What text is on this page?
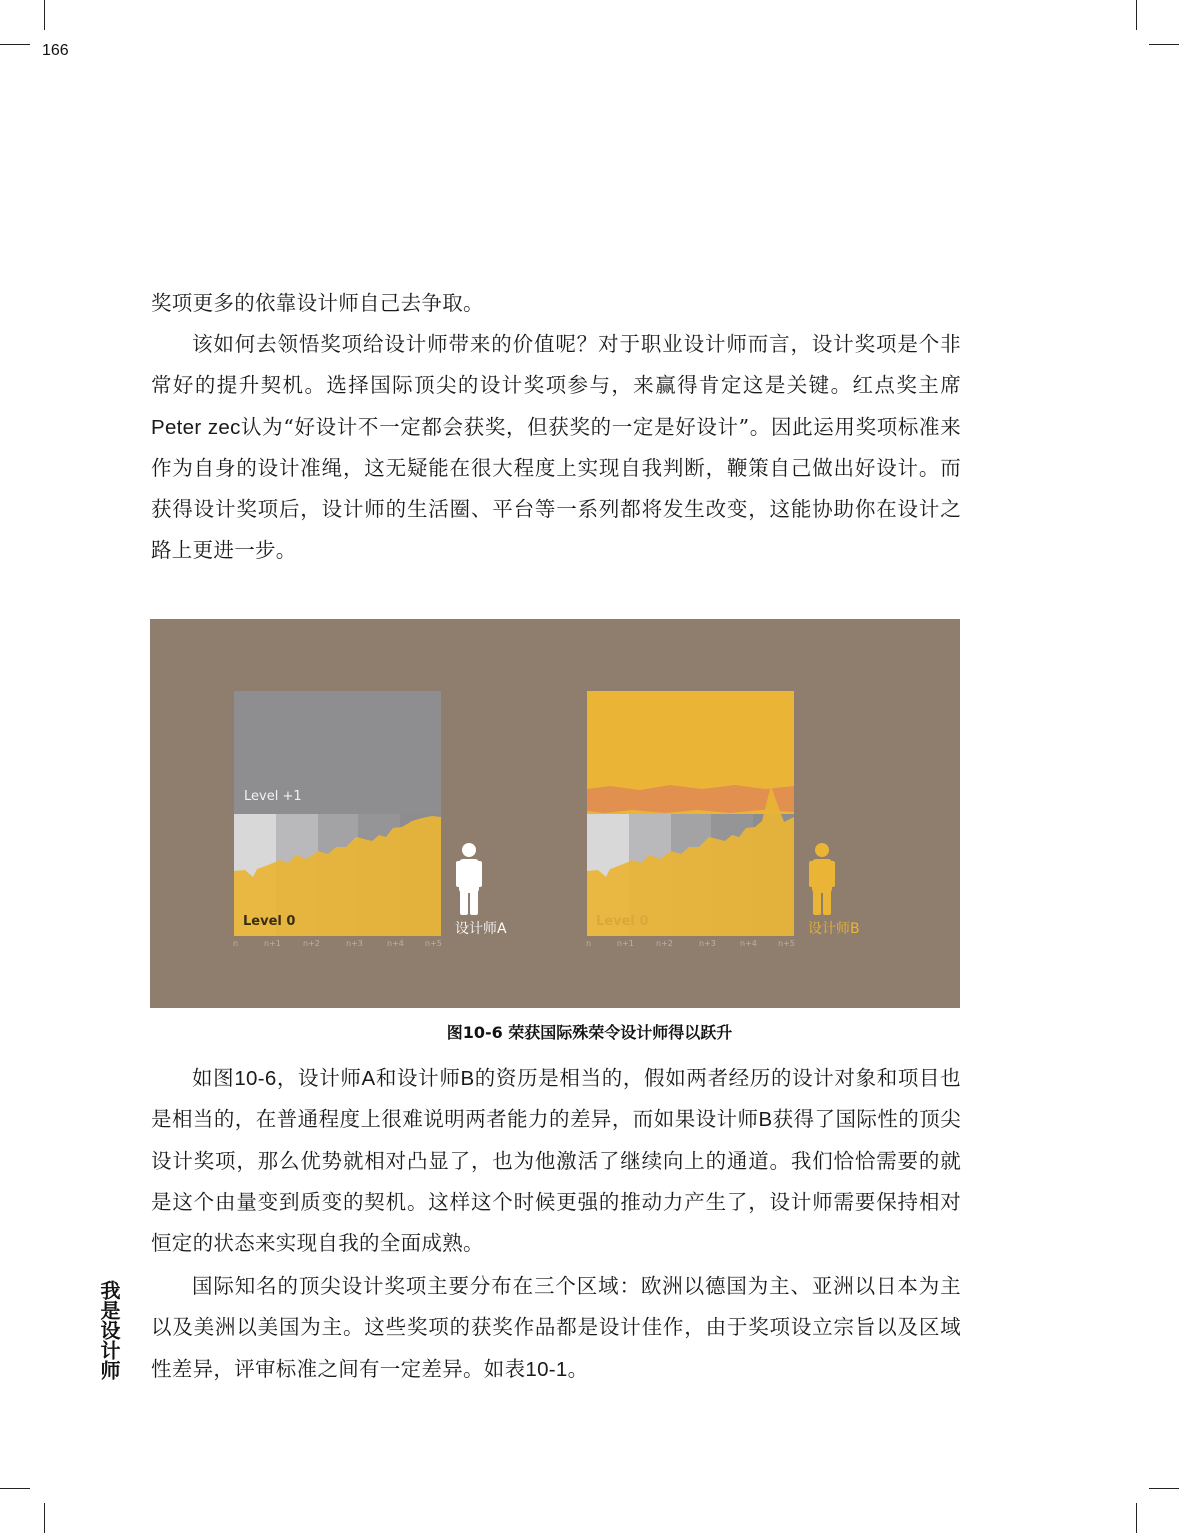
166

奖项更多的依靠设计师自己去争取。

该如何去领悟奖项给设计师带来的价值呢？对于职业设计师而言，设计奖项是个非常好的提升契机。选择国际顶尖的设计奖项参与，来赢得肯定这是关键。红点奖主席Peter zec认为“好设计不一定都会获奖，但获奖的一定是好设计”。因此运用奖项标准来作为自身的设计准绳，这无疑能在很大程度上实现自我判断，鞭策自己做出好设计。而获得设计奖项后，设计师的生活圈、平台等一系列都将发生改变，这能协助你在设计之路上更进一步。

Level +1
Level 0
n	n+1	n+2	n+3	n+4	n+5
设计师A	Level 0
n	n+1	n+2	n+3	n+4	n+5
设计师B
图10-6 荣获国际殊荣令设计师得以跃升

如图10-6，设计师A和设计师B的资历是相当的，假如两者经历的设计对象和项目也是相当的，在普通程度上很难说明两者能力的差异，而如果设计师B获得了国际性的顶尖设计奖项，那么优势就相对凸显了，也为他激活了继续向上的通道。我们恰恰需要的就是这个由量变到质变的契机。这样这个时候更强的推动力产生了，设计师需要保持相对恒定的状态来实现自我的全面成熟。

国际知名的顶尖设计奖项主要分布在三个区域：欧洲以德国为主、亚洲以日本为主以及美洲以美国为主。这些奖项的获奖作品都是设计佳作，由于奖项设立宗旨以及区域性差异，评审标准之间有一定差异。如表10-1。

我是设计师
